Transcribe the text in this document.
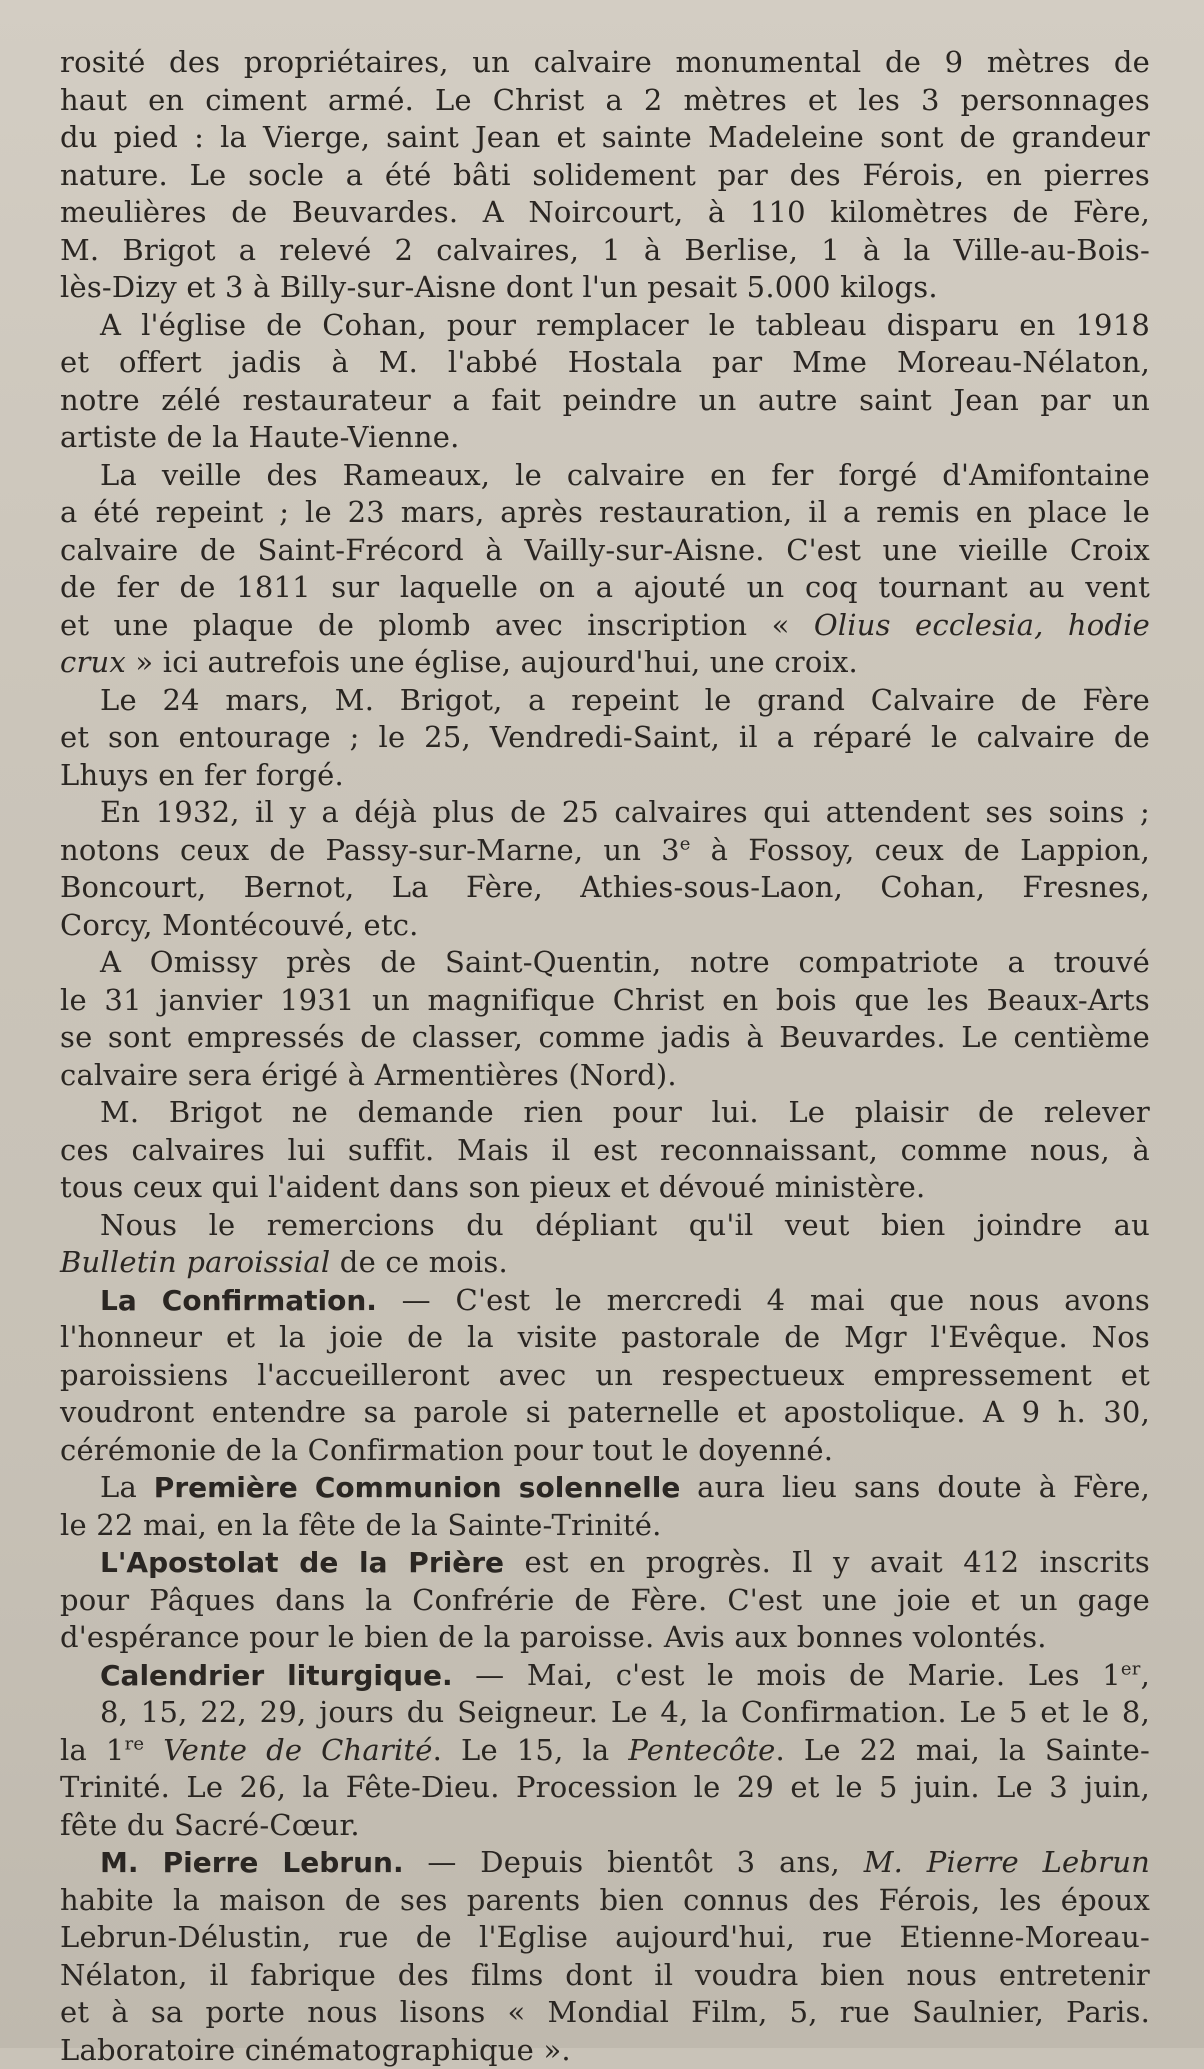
rosité des propriétaires, un calvaire monumental de 9 mètres de
haut en ciment armé. Le Christ a 2 mètres et les 3 personnages
du pied : la Vierge, saint Jean et sainte Madeleine sont de grandeur
nature. Le socle a été bâti solidement par des Férois, en pierres
meulières de Beuvardes. A Noircourt, à 110 kilomètres de Fère,
M. Brigot a relevé 2 calvaires, 1 à Berlise, 1 à la Ville-au-Bois-
lès-Dizy et 3 à Billy-sur-Aisne dont l'un pesait 5.000 kilogs.
A l'église de Cohan, pour remplacer le tableau disparu en 1918
et offert jadis à M. l'abbé Hostala par Mme Moreau-Nélaton,
notre zélé restaurateur a fait peindre un autre saint Jean par un
artiste de la Haute-Vienne.
La veille des Rameaux, le calvaire en fer forgé d'Amifontaine
a été repeint ; le 23 mars, après restauration, il a remis en place le
calvaire de Saint-Frécord à Vailly-sur-Aisne. C'est une vieille Croix
de fer de 1811 sur laquelle on a ajouté un coq tournant au vent
et une plaque de plomb avec inscription « Olius ecclesia, hodie
crux » ici autrefois une église, aujourd'hui, une croix.
Le 24 mars, M. Brigot, a repeint le grand Calvaire de Fère
et son entourage ; le 25, Vendredi-Saint, il a réparé le calvaire de
Lhuys en fer forgé.
En 1932, il y a déjà plus de 25 calvaires qui attendent ses soins ;
notons ceux de Passy-sur-Marne, un 3e à Fossoy, ceux de Lappion,
Boncourt, Bernot, La Fère, Athies-sous-Laon, Cohan, Fresnes,
Corcy, Montécouvé, etc.
A Omissy près de Saint-Quentin, notre compatriote a trouvé
le 31 janvier 1931 un magnifique Christ en bois que les Beaux-Arts
se sont empressés de classer, comme jadis à Beuvardes. Le centième
calvaire sera érigé à Armentières (Nord).
M. Brigot ne demande rien pour lui. Le plaisir de relever
ces calvaires lui suffit. Mais il est reconnaissant, comme nous, à
tous ceux qui l'aident dans son pieux et dévoué ministère.
Nous le remercions du dépliant qu'il veut bien joindre au
Bulletin paroissial de ce mois.
La Confirmation. — C'est le mercredi 4 mai que nous avons
l'honneur et la joie de la visite pastorale de Mgr l'Evêque. Nos
paroissiens l'accueilleront avec un respectueux empressement et
voudront entendre sa parole si paternelle et apostolique. A 9 h. 30,
cérémonie de la Confirmation pour tout le doyenné.
La Première Communion solennelle aura lieu sans doute à Fère,
le 22 mai, en la fête de la Sainte-Trinité.
L'Apostolat de la Prière est en progrès. Il y avait 412 inscrits
pour Pâques dans la Confrérie de Fère. C'est une joie et un gage
d'espérance pour le bien de la paroisse. Avis aux bonnes volontés.
Calendrier liturgique. — Mai, c'est le mois de Marie. Les 1er,
8, 15, 22, 29, jours du Seigneur. Le 4, la Confirmation. Le 5 et le 8,
la 1re Vente de Charité. Le 15, la Pentecôte. Le 22 mai, la Sainte-
Trinité. Le 26, la Fête-Dieu. Procession le 29 et le 5 juin. Le 3 juin,
fête du Sacré-Cœur.
M. Pierre Lebrun. — Depuis bientôt 3 ans, M. Pierre Lebrun
habite la maison de ses parents bien connus des Férois, les époux
Lebrun-Délustin, rue de l'Eglise aujourd'hui, rue Etienne-Moreau-
Nélaton, il fabrique des films dont il voudra bien nous entretenir
et à sa porte nous lisons « Mondial Film, 5, rue Saulnier, Paris.
Laboratoire cinématographique ».
